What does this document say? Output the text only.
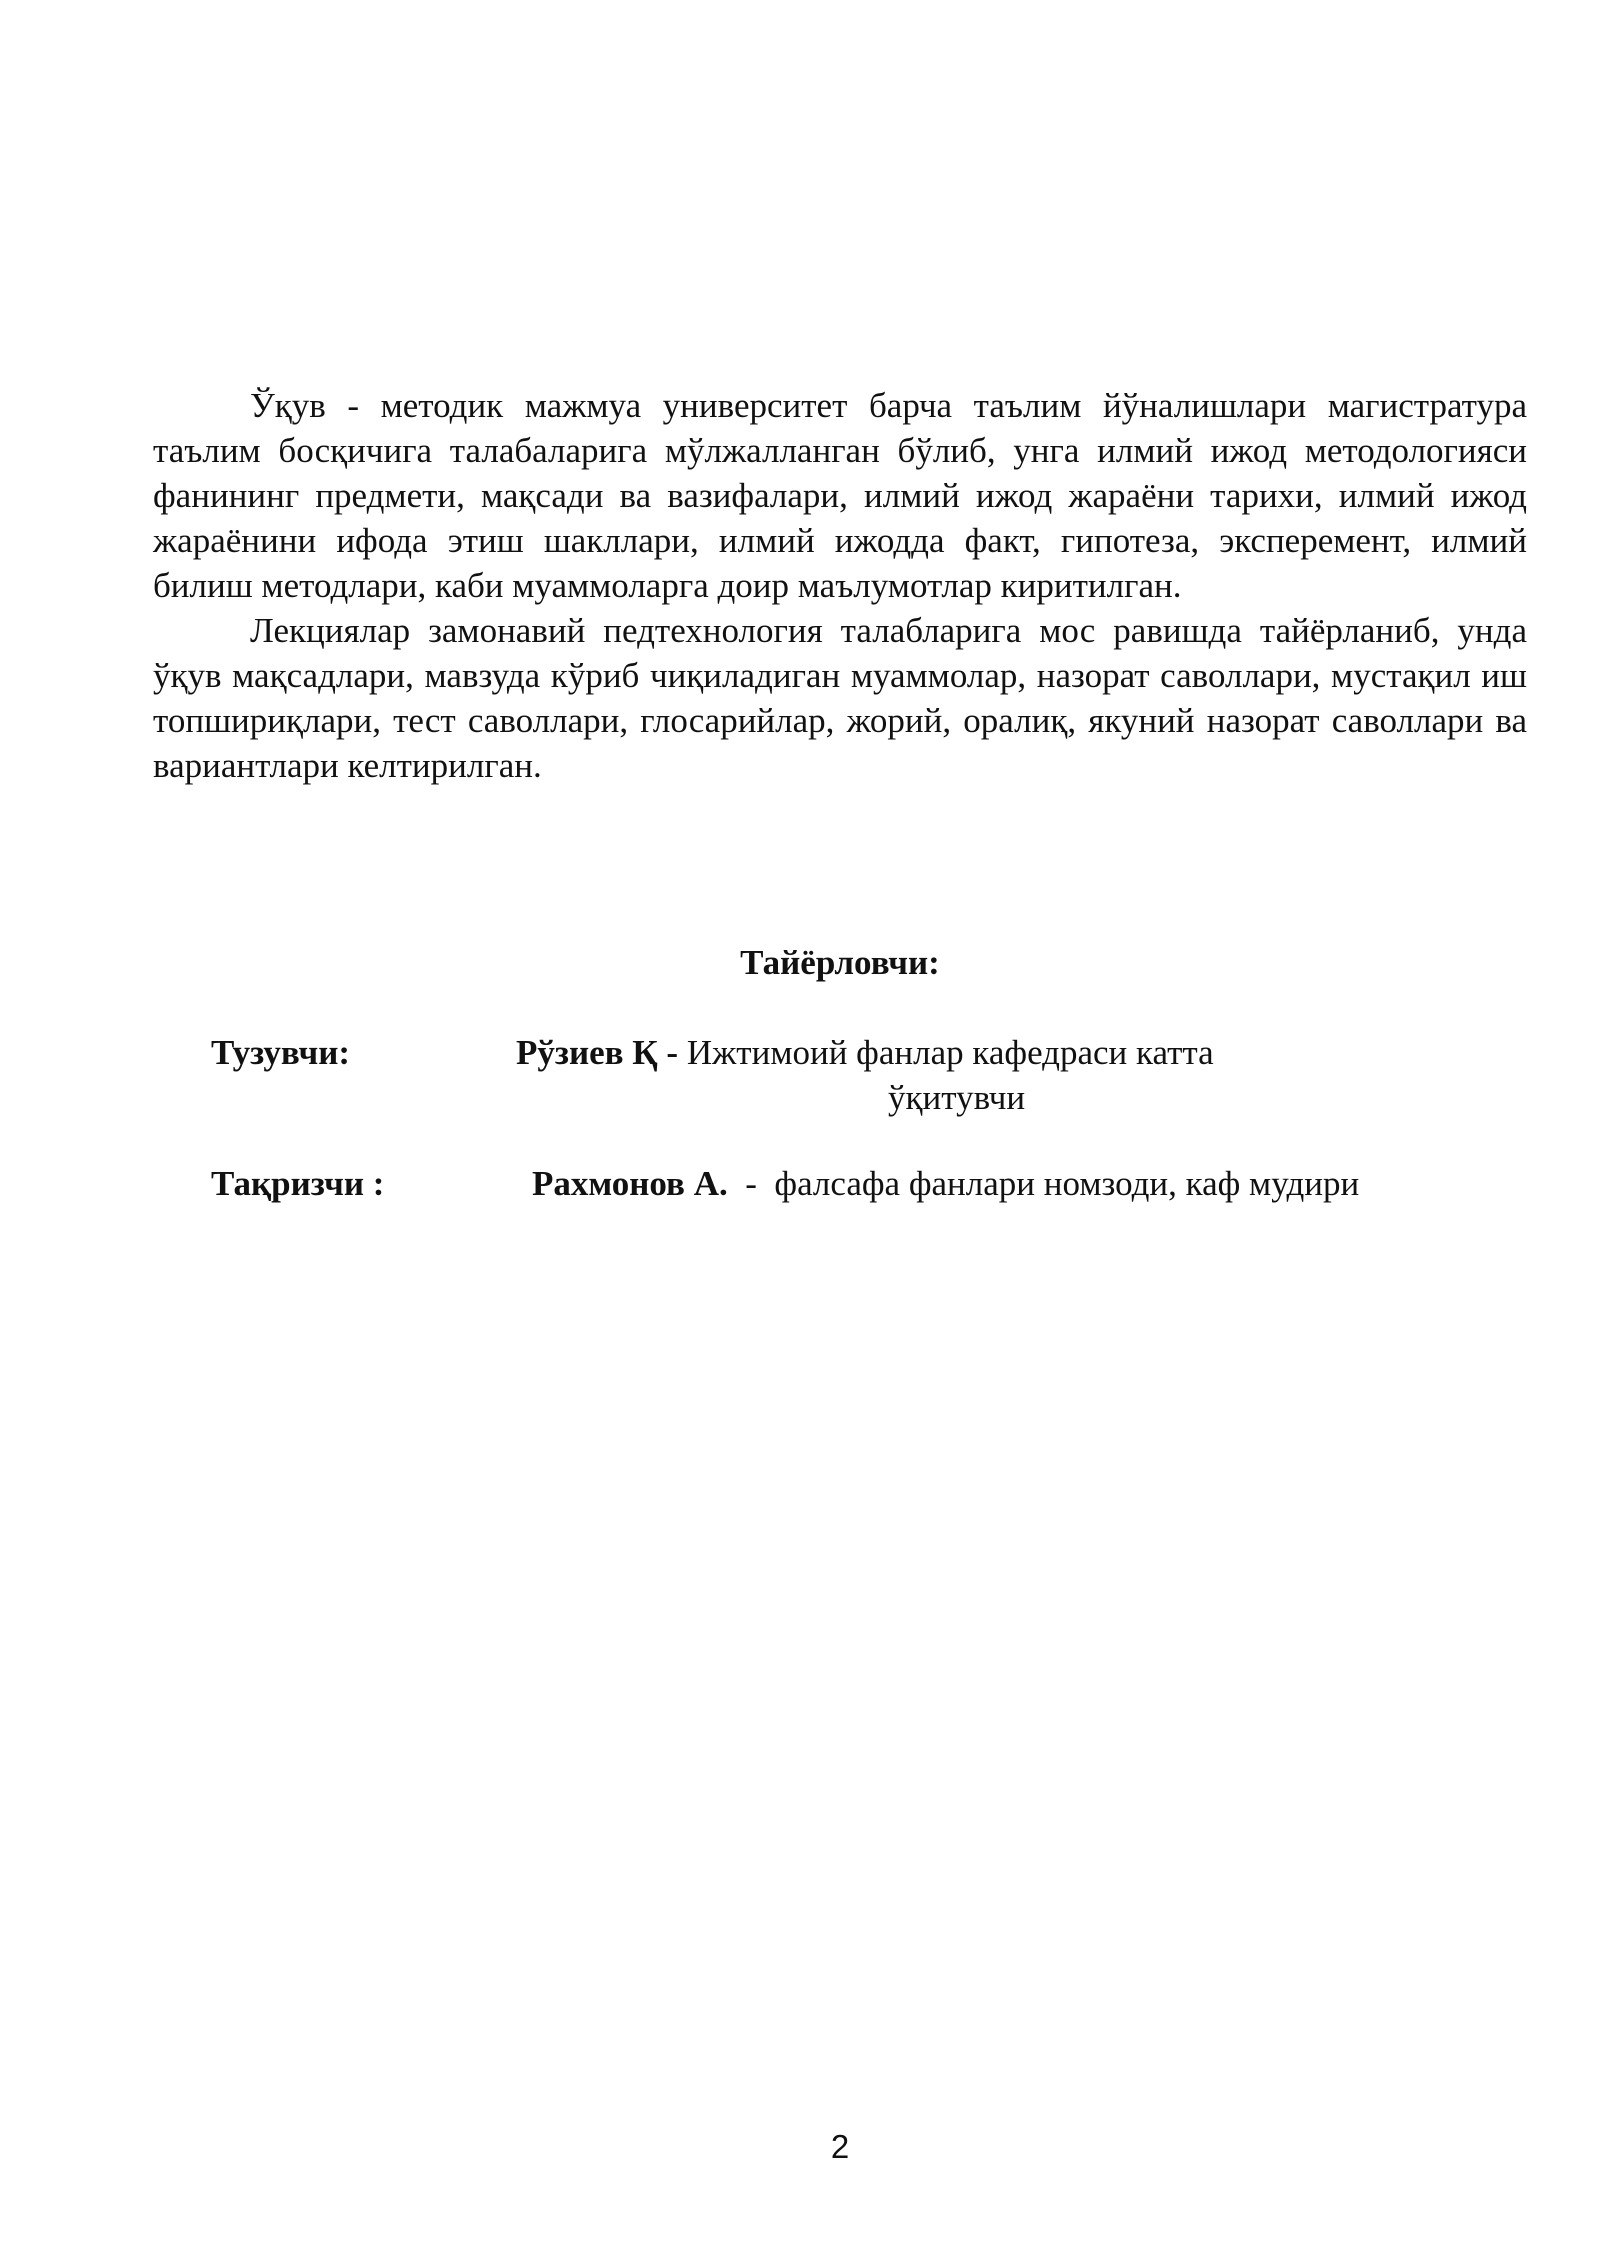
Ўқув - методик мажмуа университет барча таълим йўналишлари магистратура таълим босқичига талабаларига мўлжалланган бўлиб, унга илмий ижод методологияси фанининг предмети, мақсади ва вазифалари, илмий ижод жараёни тарихи, илмий ижод жараёнини ифода этиш шакллари, илмий ижодда факт, гипотеза, эксперемент, илмий билиш методлари, каби муаммоларга доир маълумотлар киритилган.

Лекциялар замонавий педтехнология талабларига мос равишда тайёрланиб, унда ўқув мақсадлари, мавзуда кўриб чиқиладиган муаммолар, назорат саволлари, мустақил иш топшириқлари, тест саволлари, глосарийлар, жорий, оралиқ, якуний назорат саволлари ва вариантлари келтирилган.

Тайёрловчи:
Тузувчи:	Рўзиев Қ - Ижтимоий фанлар кафедраси катта
ўқитувчи
Тақризчи :	Рахмонов А.  -  фалсафа фанлари номзоди, каф мудири
2
